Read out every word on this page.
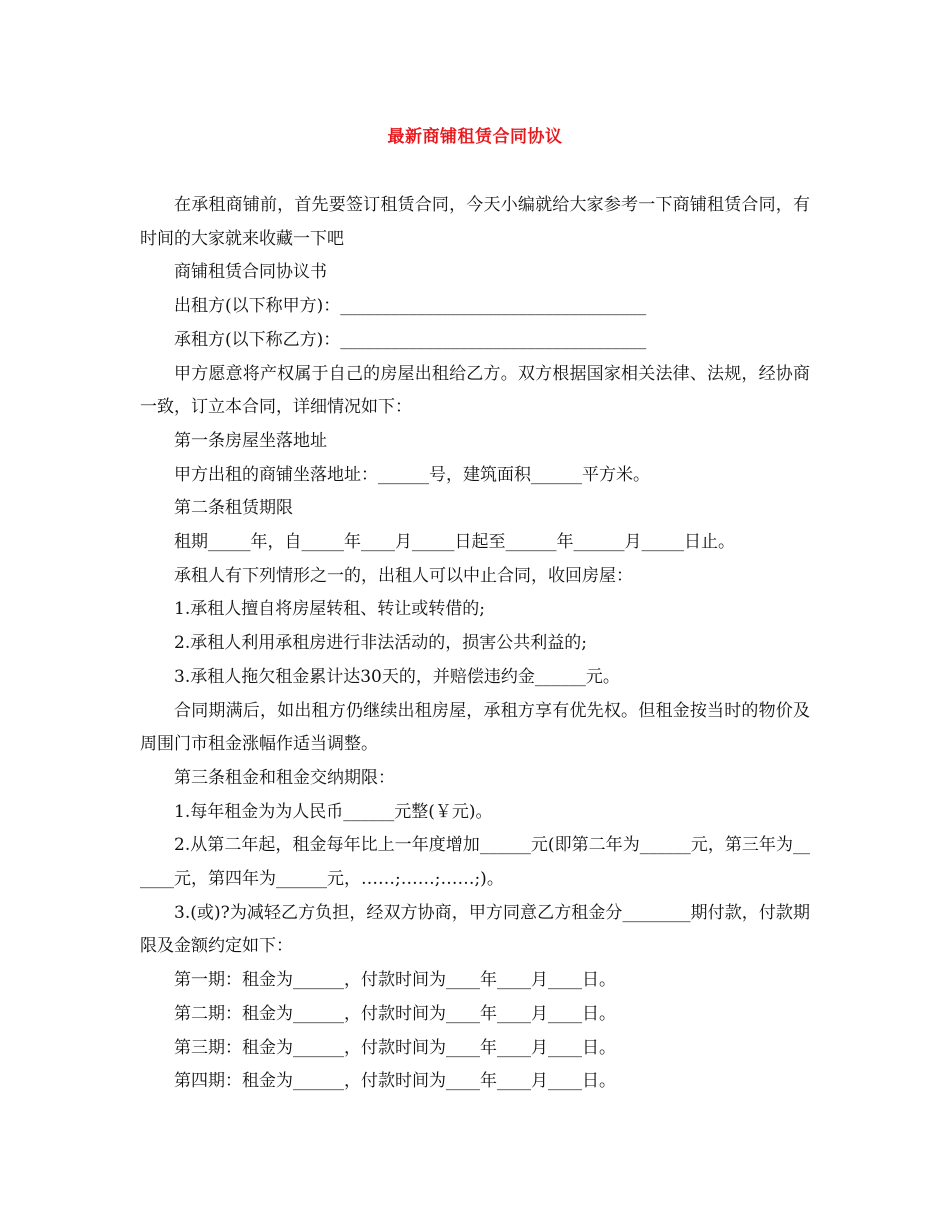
最新商铺租赁合同协议

在承租商铺前，首先要签订租赁合同，今天小编就给大家参考一下商铺租赁合同，有时间的大家就来收藏一下吧

商铺租赁合同协议书

出租方(以下称甲方)：____________________________________

承租方(以下称乙方)：____________________________________

甲方愿意将产权属于自己的房屋出租给乙方。双方根据国家相关法律、法规，经协商一致，订立本合同，详细情况如下：

第一条房屋坐落地址

甲方出租的商铺坐落地址：______号，建筑面积______平方米。

第二条租赁期限

租期_____年，自_____年____月_____日起至______年______月_____日止。

承租人有下列情形之一的，出租人可以中止合同，收回房屋：

1.承租人擅自将房屋转租、转让或转借的;

2.承租人利用承租房进行非法活动的，损害公共利益的;

3.承租人拖欠租金累计达30天的，并赔偿违约金______元。

合同期满后，如出租方仍继续出租房屋，承租方享有优先权。但租金按当时的物价及周围门市租金涨幅作适当调整。

第三条租金和租金交纳期限：

1.每年租金为为人民币______元整(￥元)。

2.从第二年起，租金每年比上一年度增加______元(即第二年为______元，第三年为______元，第四年为______元，……;……;……;)。

3.(或)?为减轻乙方负担，经双方协商，甲方同意乙方租金分________期付款，付款期限及金额约定如下：

第一期：租金为______，付款时间为____年____月____日。

第二期：租金为______，付款时间为____年____月____日。

第三期：租金为______，付款时间为____年____月____日。

第四期：租金为______，付款时间为____年____月____日。
